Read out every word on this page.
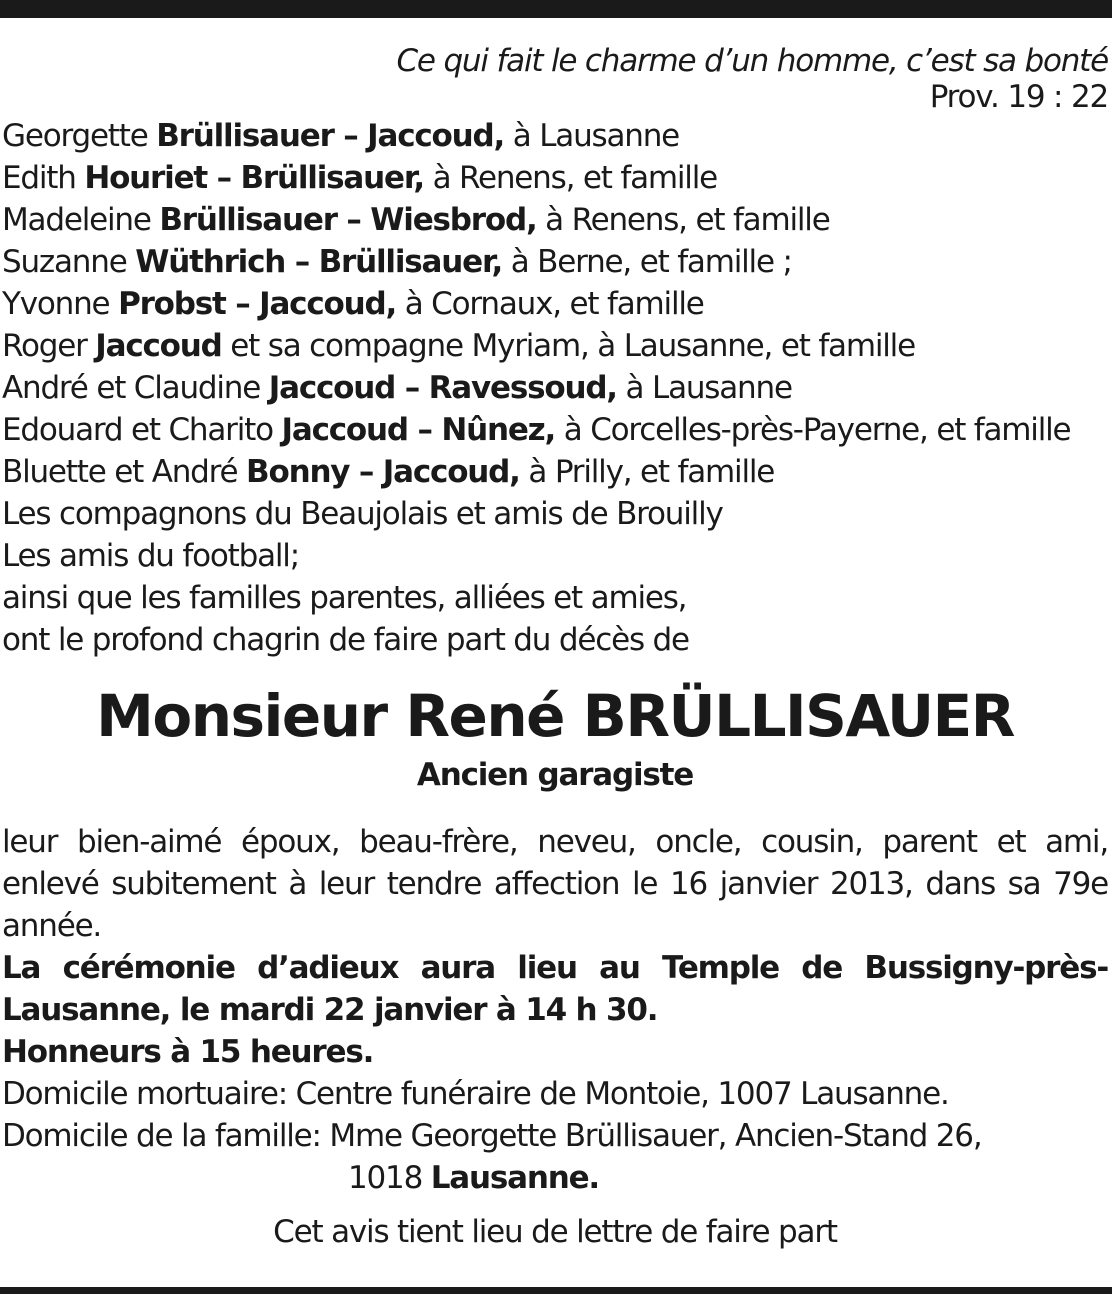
Ce qui fait le charme d’un homme, c’est sa bonté
Prov. 19 : 22
Georgette Brüllisauer – Jaccoud, à Lausanne
Edith Houriet – Brüllisauer, à Renens, et famille
Madeleine Brüllisauer – Wiesbrod, à Renens, et famille
Suzanne Wüthrich – Brüllisauer, à Berne, et famille ;
Yvonne Probst – Jaccoud, à Cornaux, et famille
Roger Jaccoud et sa compagne Myriam, à Lausanne, et famille
André et Claudine Jaccoud – Ravessoud, à Lausanne
Edouard et Charito Jaccoud – Nûnez, à Corcelles-près-Payerne, et famille
Bluette et André Bonny – Jaccoud, à Prilly, et famille
Les compagnons du Beaujolais et amis de Brouilly
Les amis du football;
ainsi que les familles parentes, alliées et amies,
ont le profond chagrin de faire part du décès de
Monsieur René BRÜLLISAUER
Ancien garagiste
leur bien-aimé époux, beau-frère, neveu, oncle, cousin, parent et ami, enlevé subitement à leur tendre affection le 16 janvier 2013, dans sa 79e année.
La cérémonie d’adieux aura lieu au Temple de Bussigny-près-Lausanne, le mardi 22 janvier à 14 h 30.
Honneurs à 15 heures.
Domicile mortuaire: Centre funéraire de Montoie, 1007 Lausanne.
Domicile de la famille: Mme Georgette Brüllisauer, Ancien-Stand 26,
1018 Lausanne.
Cet avis tient lieu de lettre de faire part
